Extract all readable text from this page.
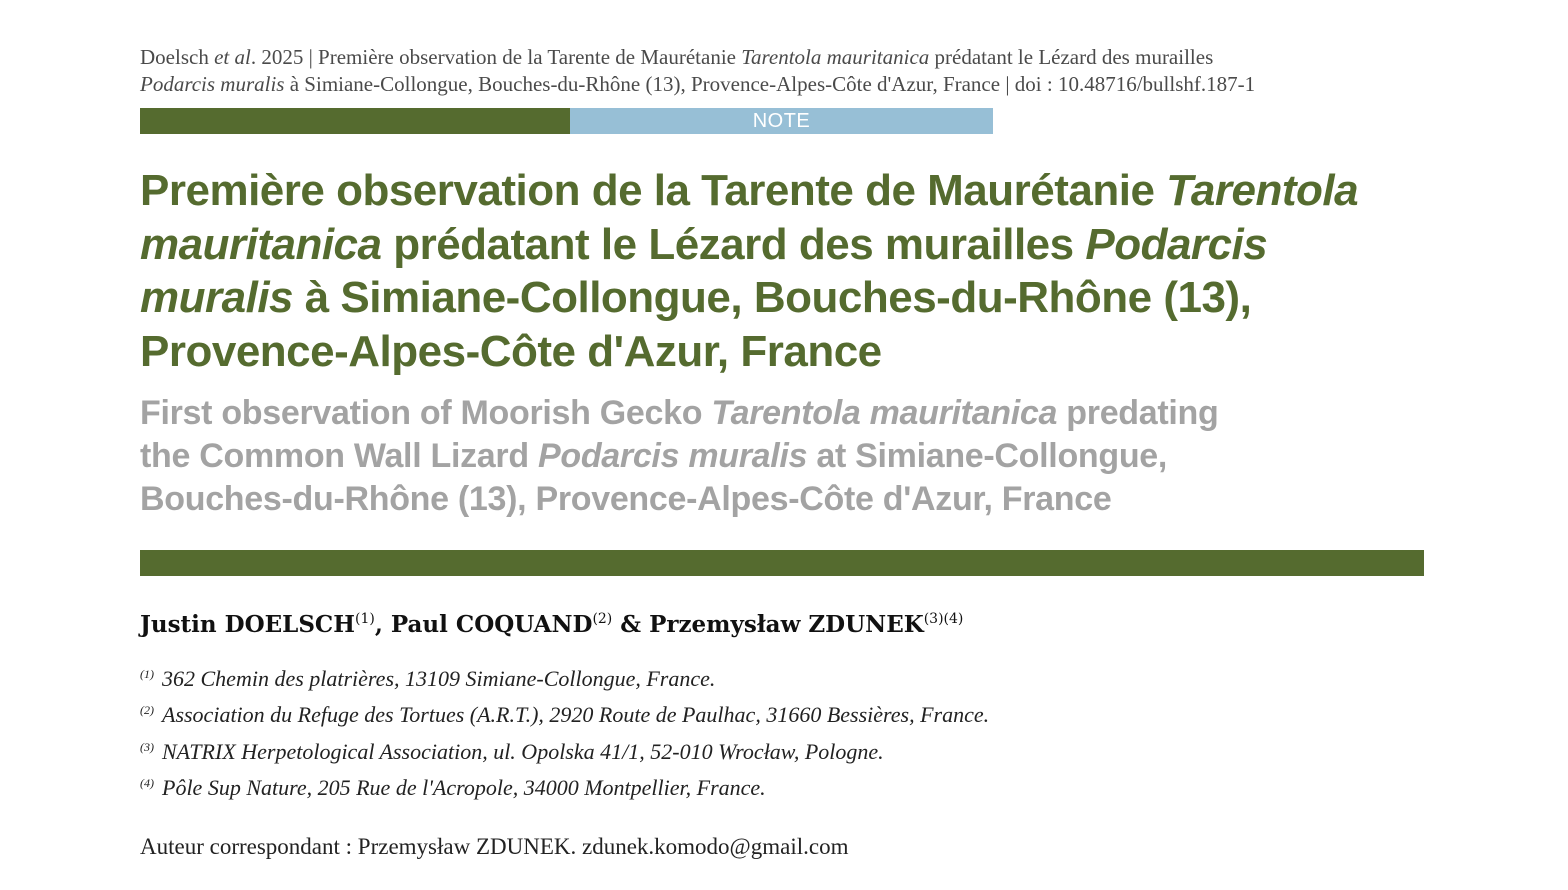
Doelsch et al. 2025 | Première observation de la Tarente de Maurétanie Tarentola mauritanica prédatant le Lézard des murailles
Podarcis muralis à Simiane-Collongue, Bouches-du-Rhône (13), Provence-Alpes-Côte d'Azur, France | doi : 10.48716/bullshf.187-1
NOTE
Première observation de la Tarente de Maurétanie Tarentola
mauritanica prédatant le Lézard des murailles Podarcis
muralis à Simiane-Collongue, Bouches-du-Rhône (13),
Provence-Alpes-Côte d'Azur, France
First observation of Moorish Gecko Tarentola mauritanica predating
the Common Wall Lizard Podarcis muralis at Simiane-Collongue,
Bouches-du-Rhône (13), Provence-Alpes-Côte d'Azur, France
Justin DOELSCH$^{(1)}$, Paul COQUAND$^{(2)}$ & Przemysław $ZDUNEK^{(3)(4)}$
$^{(1)}$ 362 Chemin des platrières, 13109 Simiane-Collongue, France.
$^{(2)}$ Association du Refuge des Tortues (A.R.T.), 2920 Route de Paulhac, 31660 Bessières, France.
$^{(3)}$ NATRIX Herpetological Association, ul. Opolska 41/1, 52-010 Wrocław, Pologne.
$^{(4)}$ Pôle Sup Nature, 205 Rue de l'Acropole, 34000 Montpellier, France.
Auteur correspondant : Przemysław ZDUNEK. zdunek.komodo@gmail.com
